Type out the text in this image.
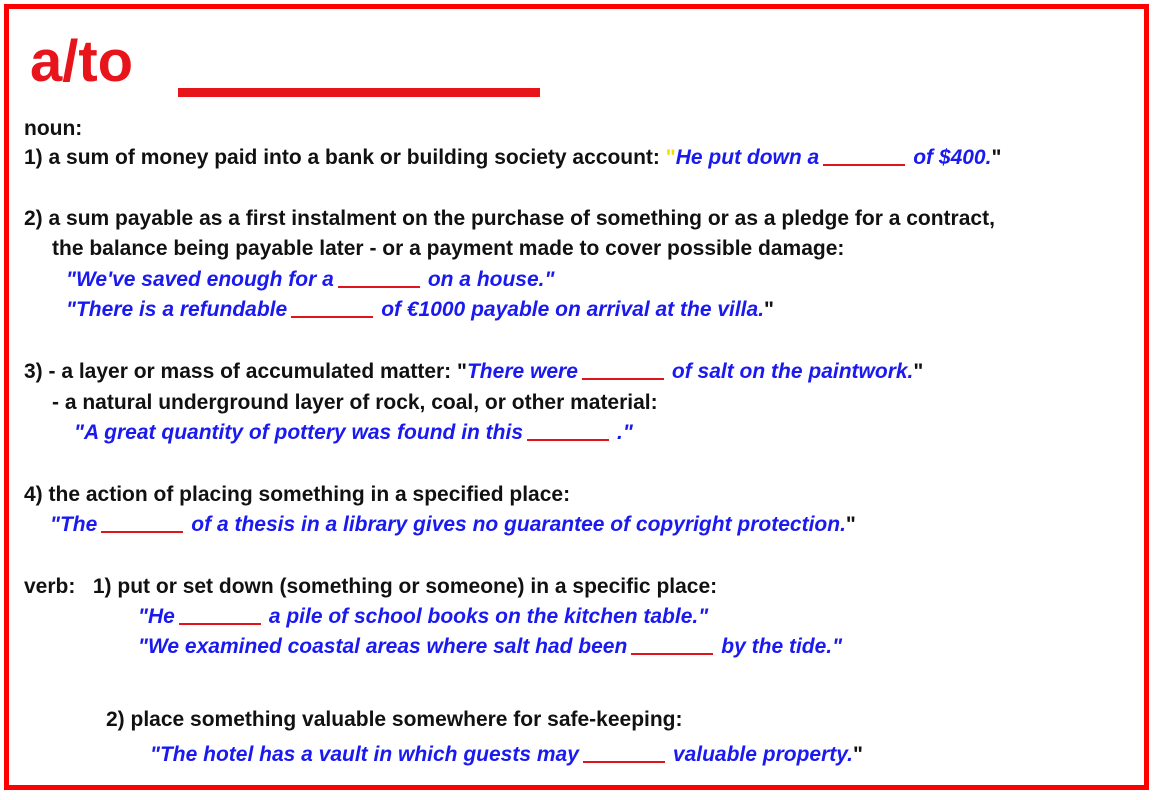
a/to
noun:
1) a sum of money paid into a bank or building society account: "He put down a	of $400."
2) a sum payable as a first instalment on the purchase of something or as a pledge for a contract,
the balance being payable later - or a payment made to cover possible damage:
"We've saved enough for a	on a house."
"There is a refundable	of €1000 payable on arrival at the villa."
3) - a layer or mass of accumulated matter: "There were	of salt on the paintwork."
- a natural underground layer of rock, coal, or other material:
"A great quantity of pottery was found in this	."
4) the action of placing something in a specified place:
"The	of a thesis in a library gives no guarantee of copyright protection."
verb: 1) put or set down (something or someone) in a specific place:
"He	a pile of school books on the kitchen table."
"We examined coastal areas where salt had been	by the tide."
2) place something valuable somewhere for safe-keeping:
"The hotel has a vault in which guests may	valuable property."
